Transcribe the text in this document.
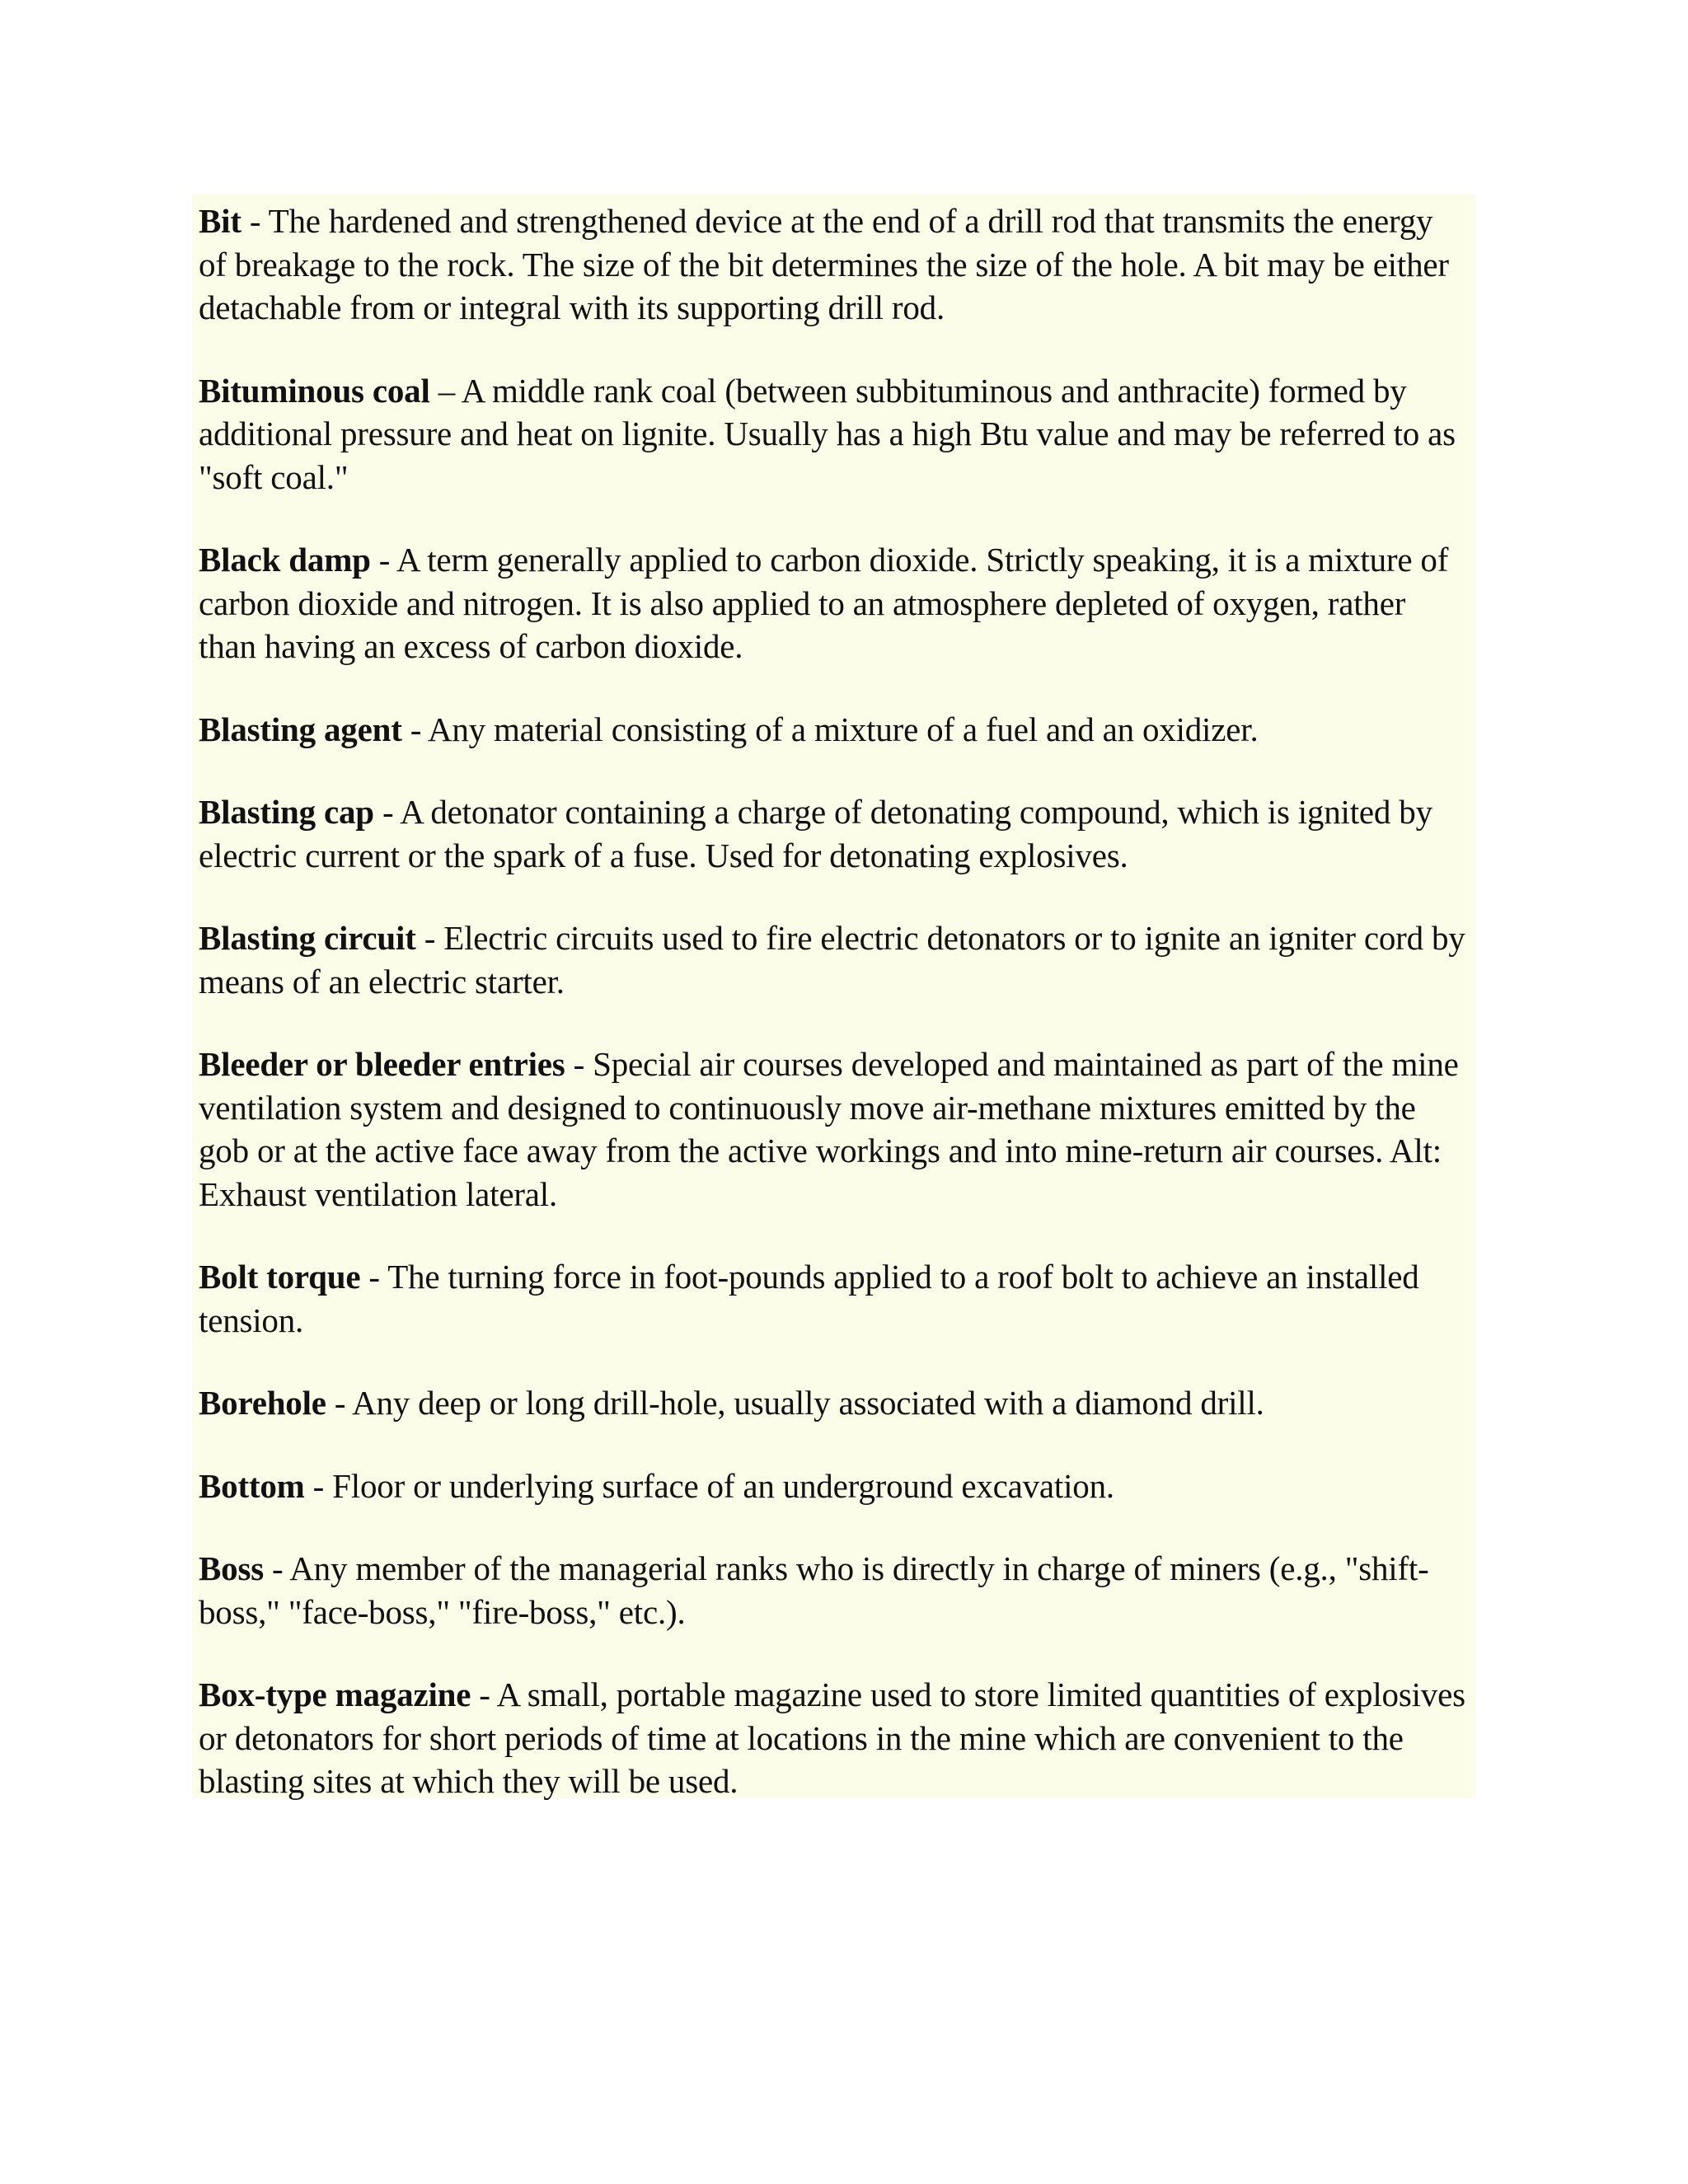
Bit - The hardened and strengthened device at the end of a drill rod that transmits the energy of breakage to the rock. The size of the bit determines the size of the hole. A bit may be either detachable from or integral with its supporting drill rod.

Bituminous coal – A middle rank coal (between subbituminous and anthracite) formed by additional pressure and heat on lignite. Usually has a high Btu value and may be referred to as "soft coal."

Black damp - A term generally applied to carbon dioxide. Strictly speaking, it is a mixture of carbon dioxide and nitrogen. It is also applied to an atmosphere depleted of oxygen, rather than having an excess of carbon dioxide.

Blasting agent - Any material consisting of a mixture of a fuel and an oxidizer.

Blasting cap - A detonator containing a charge of detonating compound, which is ignited by electric current or the spark of a fuse. Used for detonating explosives.

Blasting circuit - Electric circuits used to fire electric detonators or to ignite an igniter cord by means of an electric starter.

Bleeder or bleeder entries - Special air courses developed and maintained as part of the mine ventilation system and designed to continuously move air-methane mixtures emitted by the gob or at the active face away from the active workings and into mine-return air courses. Alt: Exhaust ventilation lateral.

Bolt torque - The turning force in foot-pounds applied to a roof bolt to achieve an installed tension.

Borehole - Any deep or long drill-hole, usually associated with a diamond drill.

Bottom - Floor or underlying surface of an underground excavation.

Boss - Any member of the managerial ranks who is directly in charge of miners (e.g., "shift-boss," "face-boss," "fire-boss," etc.).

Box-type magazine - A small, portable magazine used to store limited quantities of explosives or detonators for short periods of time at locations in the mine which are convenient to the blasting sites at which they will be used.
